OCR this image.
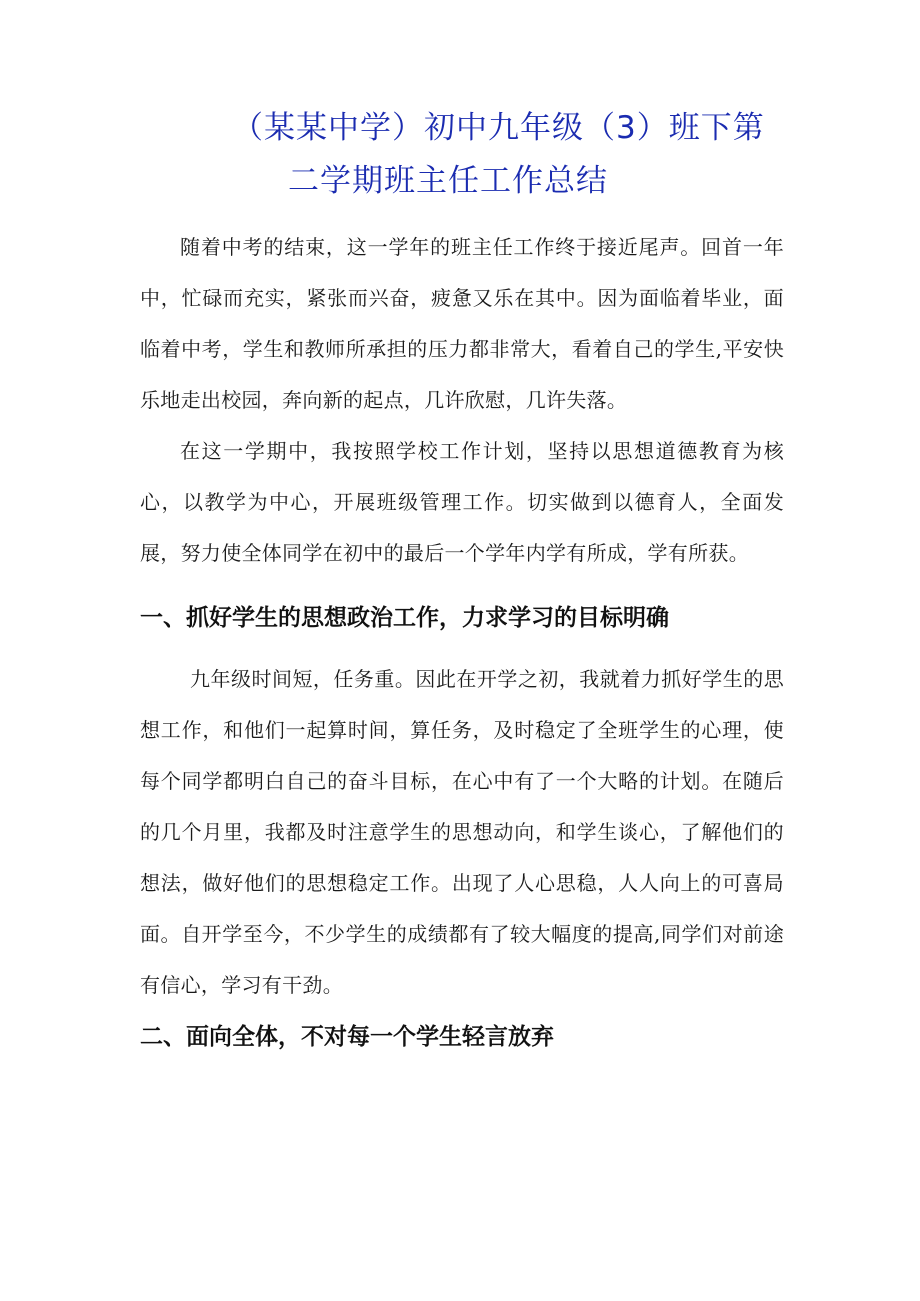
（某某中学）初中九年级（3）班下第
二学期班主任工作总结

随着中考的结束，这一学年的班主任工作终于接近尾声。回首一年中，忙碌而充实，紧张而兴奋，疲惫又乐在其中。因为面临着毕业，面临着中考，学生和教师所承担的压力都非常大，看着自己的学生,平安快乐地走出校园，奔向新的起点，几许欣慰，几许失落。

在这一学期中，我按照学校工作计划，坚持以思想道德教育为核心，以教学为中心，开展班级管理工作。切实做到以德育人，全面发展，努力使全体同学在初中的最后一个学年内学有所成，学有所获。

一、抓好学生的思想政治工作，力求学习的目标明确

九年级时间短，任务重。因此在开学之初，我就着力抓好学生的思想工作，和他们一起算时间，算任务，及时稳定了全班学生的心理，使每个同学都明白自己的奋斗目标，在心中有了一个大略的计划。在随后的几个月里，我都及时注意学生的思想动向，和学生谈心，了解他们的想法，做好他们的思想稳定工作。出现了人心思稳，人人向上的可喜局面。自开学至今，不少学生的成绩都有了较大幅度的提高,同学们对前途有信心，学习有干劲。

二、面向全体，不对每一个学生轻言放弃
